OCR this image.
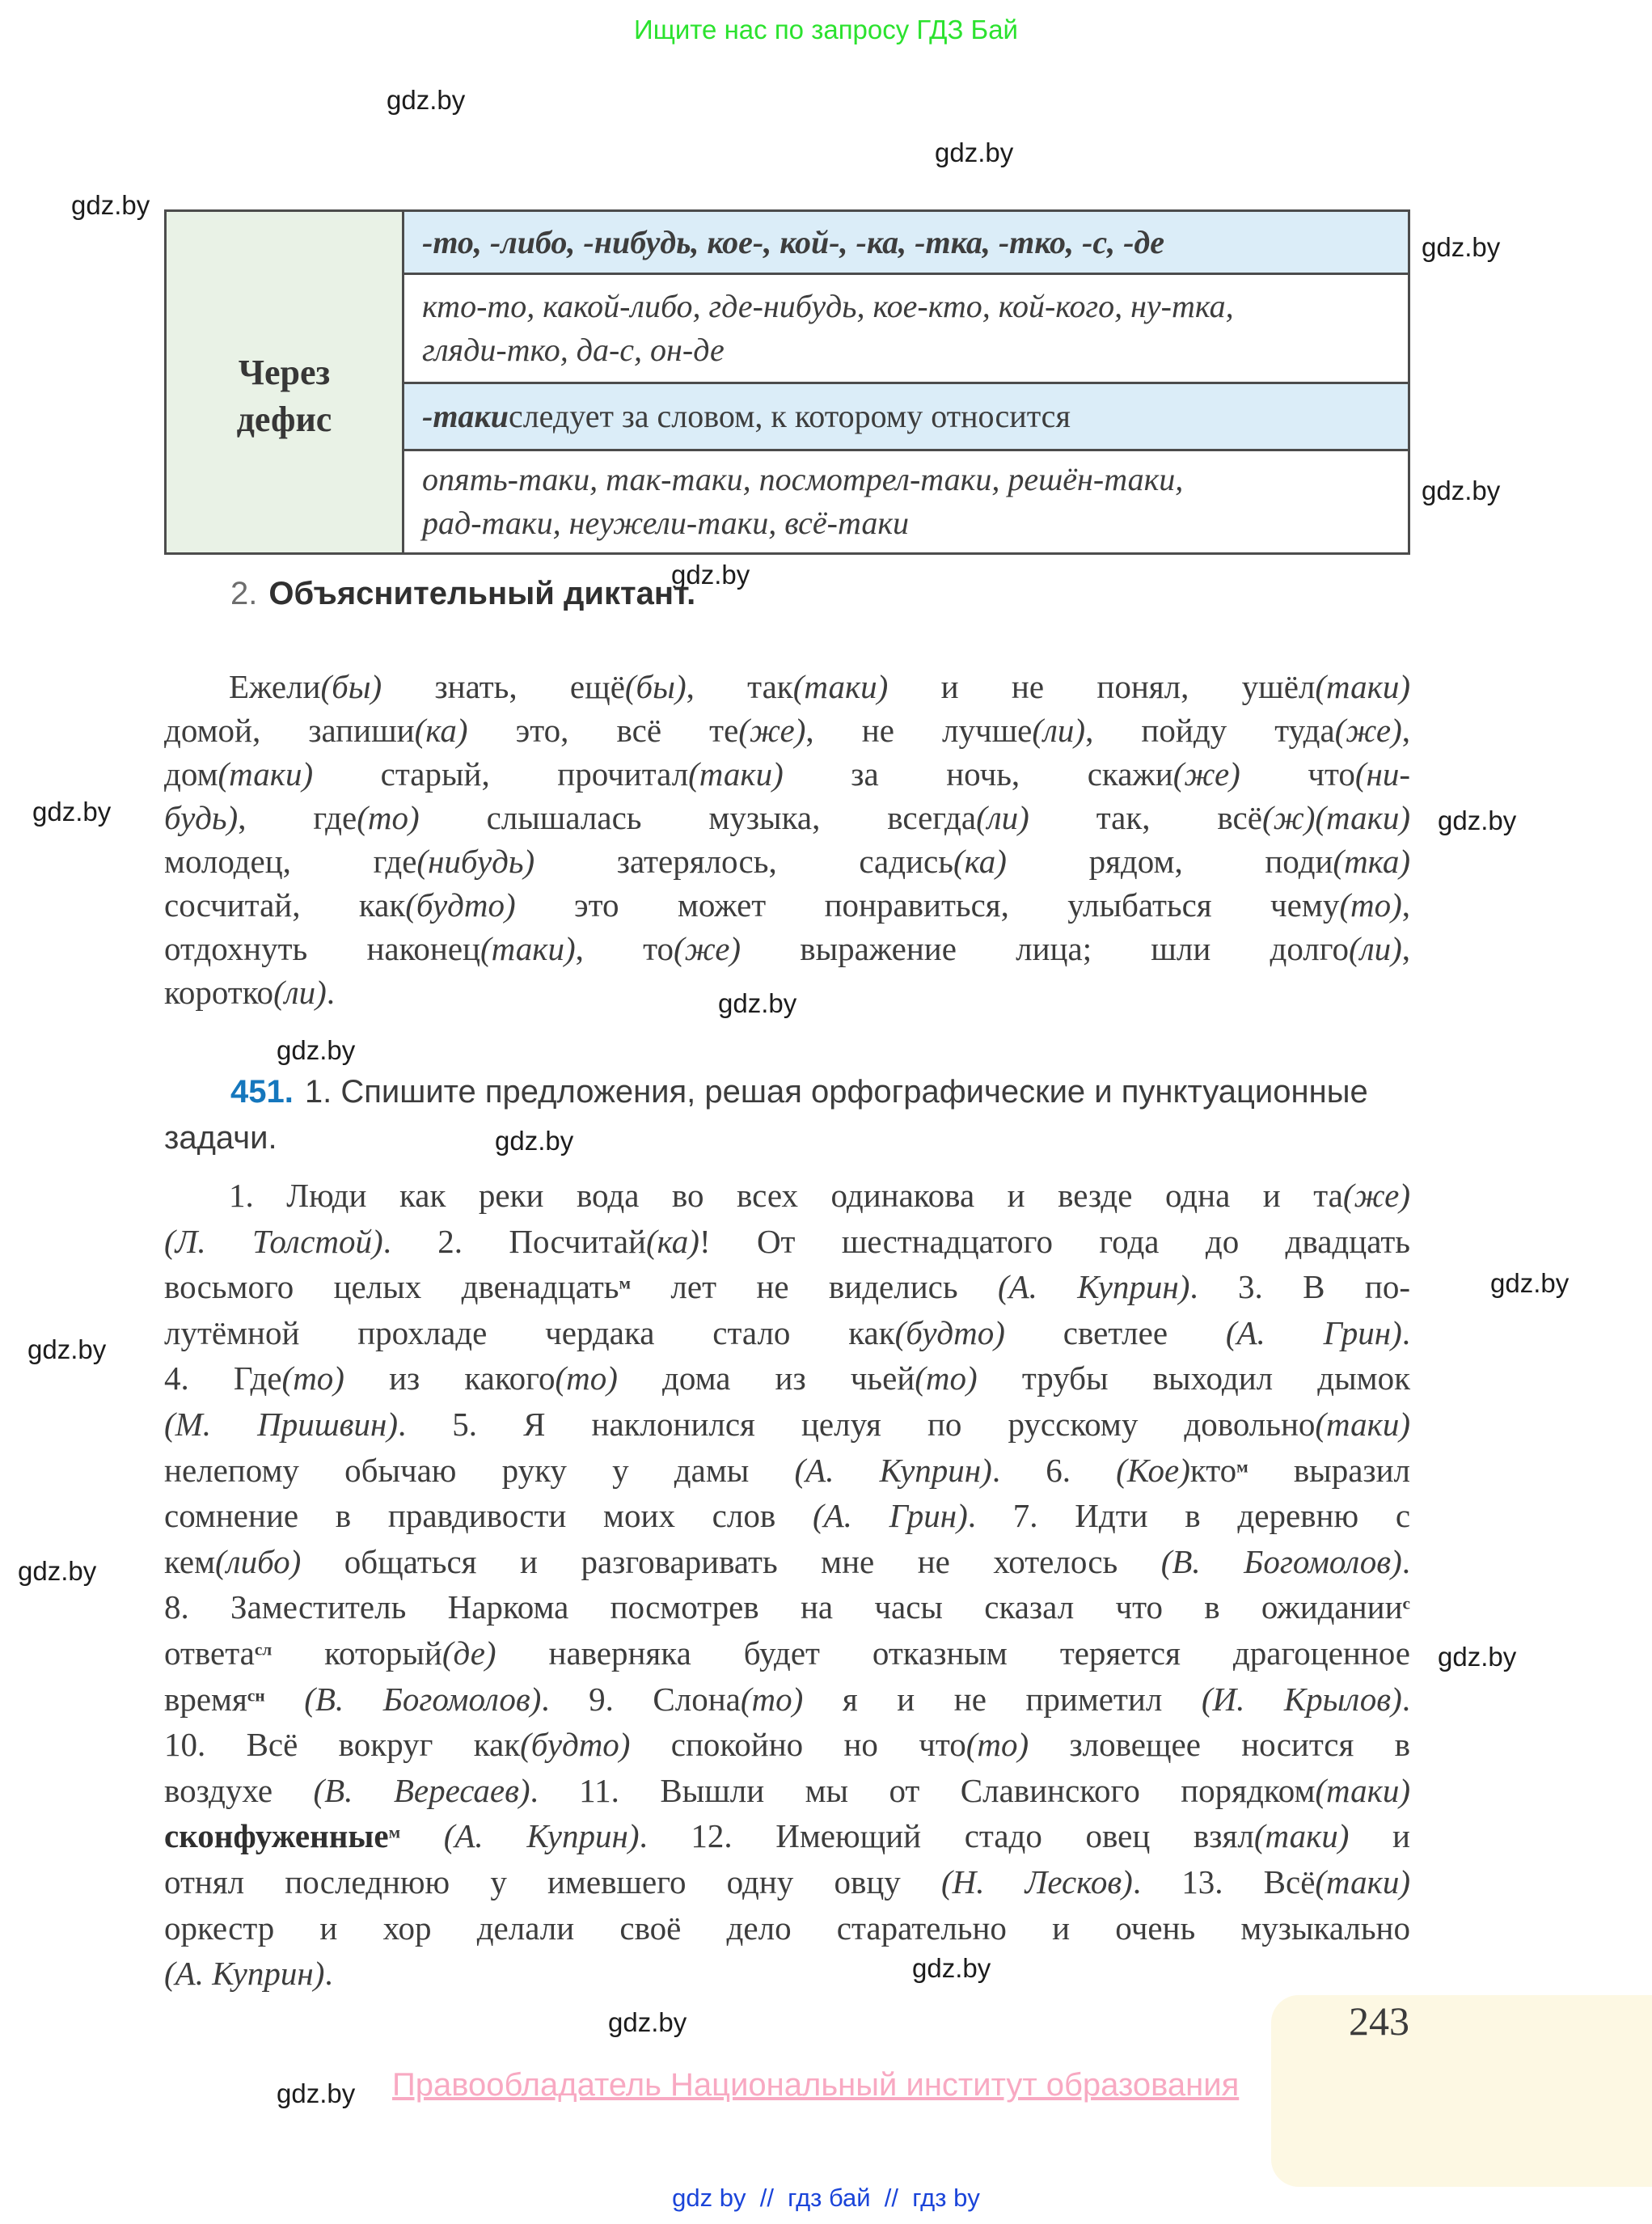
Ищите нас по запросу ГДЗ Бай
gdz.by
gdz.by
gdz.by
gdz.by
gdz.by
gdz.by
gdz.by
gdz.by
gdz.by
gdz.by
gdz.by
gdz.by
gdz.by
gdz.by
gdz.by
gdz.by
gdz.by
gdz.by
Через
дефис
-то, -либо, -нибудь, кое-, кой-, -ка, -тка, -тко, -с, -де
кто-то, какой-либо, где-нибудь, кое-кто, кой-кого, ну-тка,
гляди-тко, да-с, он-де
-таки следует за словом, к которому относится
опять-таки, так-таки, посмотрел-таки, решён-таки,
рад-таки, неужели-таки, всё-таки
2. Объяснительный диктант.
Ежели(бы) знать, ещё(бы), так(таки) и не понял, ушёл(таки)
домой, запиши(ка) это, всё те(же), не лучше(ли), пойду туда(же),
дом(таки) старый, прочитал(таки) за ночь, скажи(же) что(ни-
будь), где(то) слышалась музыка, всегда(ли) так, всё(ж)(таки)
молодец, где(нибудь) затерялось, садись(ка) рядом, поди(тка)
сосчитай, как(будто) это может понравиться, улыбаться чему(то),
отдохнуть наконец(таки), то(же) выражение лица; шли долго(ли),
коротко(ли).
451. 1. Спишите предложения, решая орфографические и пунктуационные
задачи.
1. Люди как реки вода во всех одинакова и везде одна и та(же)
(Л. Толстой). 2. Посчитай(ка)! От шестнадцатого года до двадцать
восьмого целых двенадцать$^м$ лет не виделись (А. Куприн). 3. В по-
лутёмной прохладе чердака стало как(будто) светлее (А. Грин).
4. Где(то) из какого(то) дома из чьей(то) трубы выходил дымок
(М. Пришвин). 5. Я наклонился целуя по русскому довольно(таки)
нелепому обычаю руку у дамы (А. Куприн). 6. (Кое)кто$^м$ выразил
сомнение в правдивости моих слов (А. Грин). 7. Идти в деревню с
кем(либо) общаться и разговаривать мне не хотелось (В. Богомолов).
8. Заместитель Наркома посмотрев на часы сказал что в ожидании$^с$
ответа$^{сл}$ который(де) наверняка будет отказным теряется драгоценное
время$^{сн}$ (В. Богомолов). 9. Слона(то) я и не приметил (И. Крылов).
10. Всё вокруг как(будто) спокойно но что(то) зловещее носится в
воздухе (В. Вересаев). 11. Вышли мы от Славинского порядком(таки)
сконфуженные$^м$ (А. Куприн). 12. Имеющий стадо овец взял(таки) и
отнял последнюю у имевшего одну овцу (Н. Лесков). 13. Всё(таки)
оркестр и хор делали своё дело старательно и очень музыкально
(А. Куприн).
243
Правообладатель Национальный институт образования
gdz by  //  гдз бай  //  гдз by
